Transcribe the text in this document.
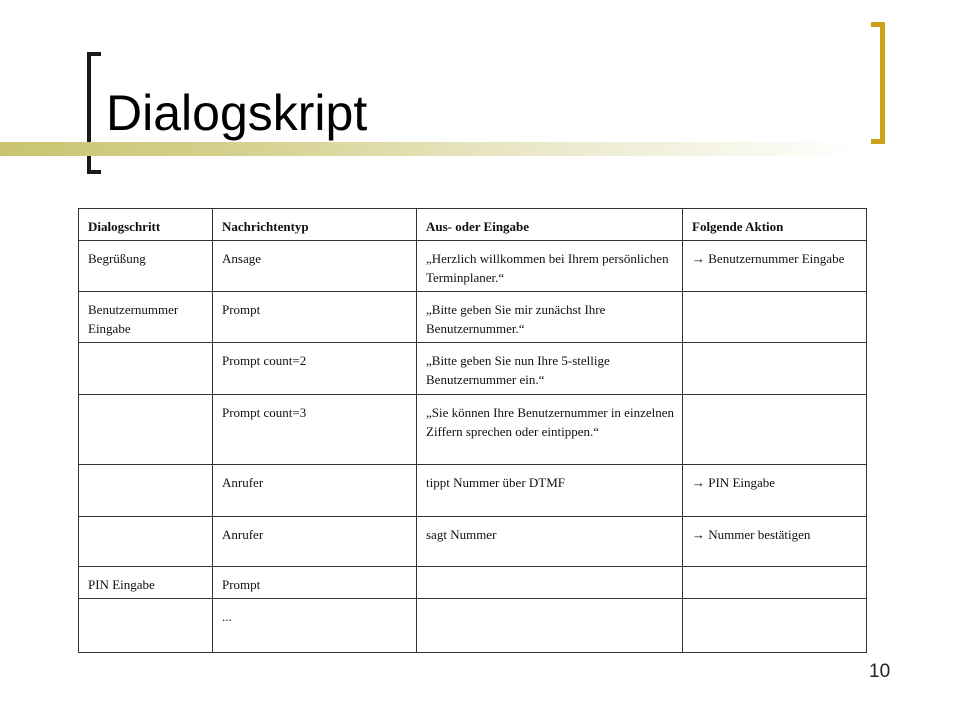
Dialogskript
Dialogschritt	Nachrichtentyp	Aus- oder Eingabe	Folgende Aktion
Begrüßung	Ansage	„Herzlich willkommen bei Ihrem persönlichen Terminplaner.“	→ Benutzernummer Eingabe
Benutzernummer Eingabe	Prompt	„Bitte geben Sie mir zunächst Ihre Benutzernummer.“	
	Prompt count=2	„Bitte geben Sie nun Ihre 5-stellige Benutzernummer ein.“	
	Prompt count=3	„Sie können Ihre Benutzernummer in einzelnen Ziffern sprechen oder eintippen.“	
	Anrufer	tippt Nummer über DTMF	→ PIN Eingabe
	Anrufer	sagt Nummer	→ Nummer bestätigen
PIN Eingabe	Prompt		
	...		
10
